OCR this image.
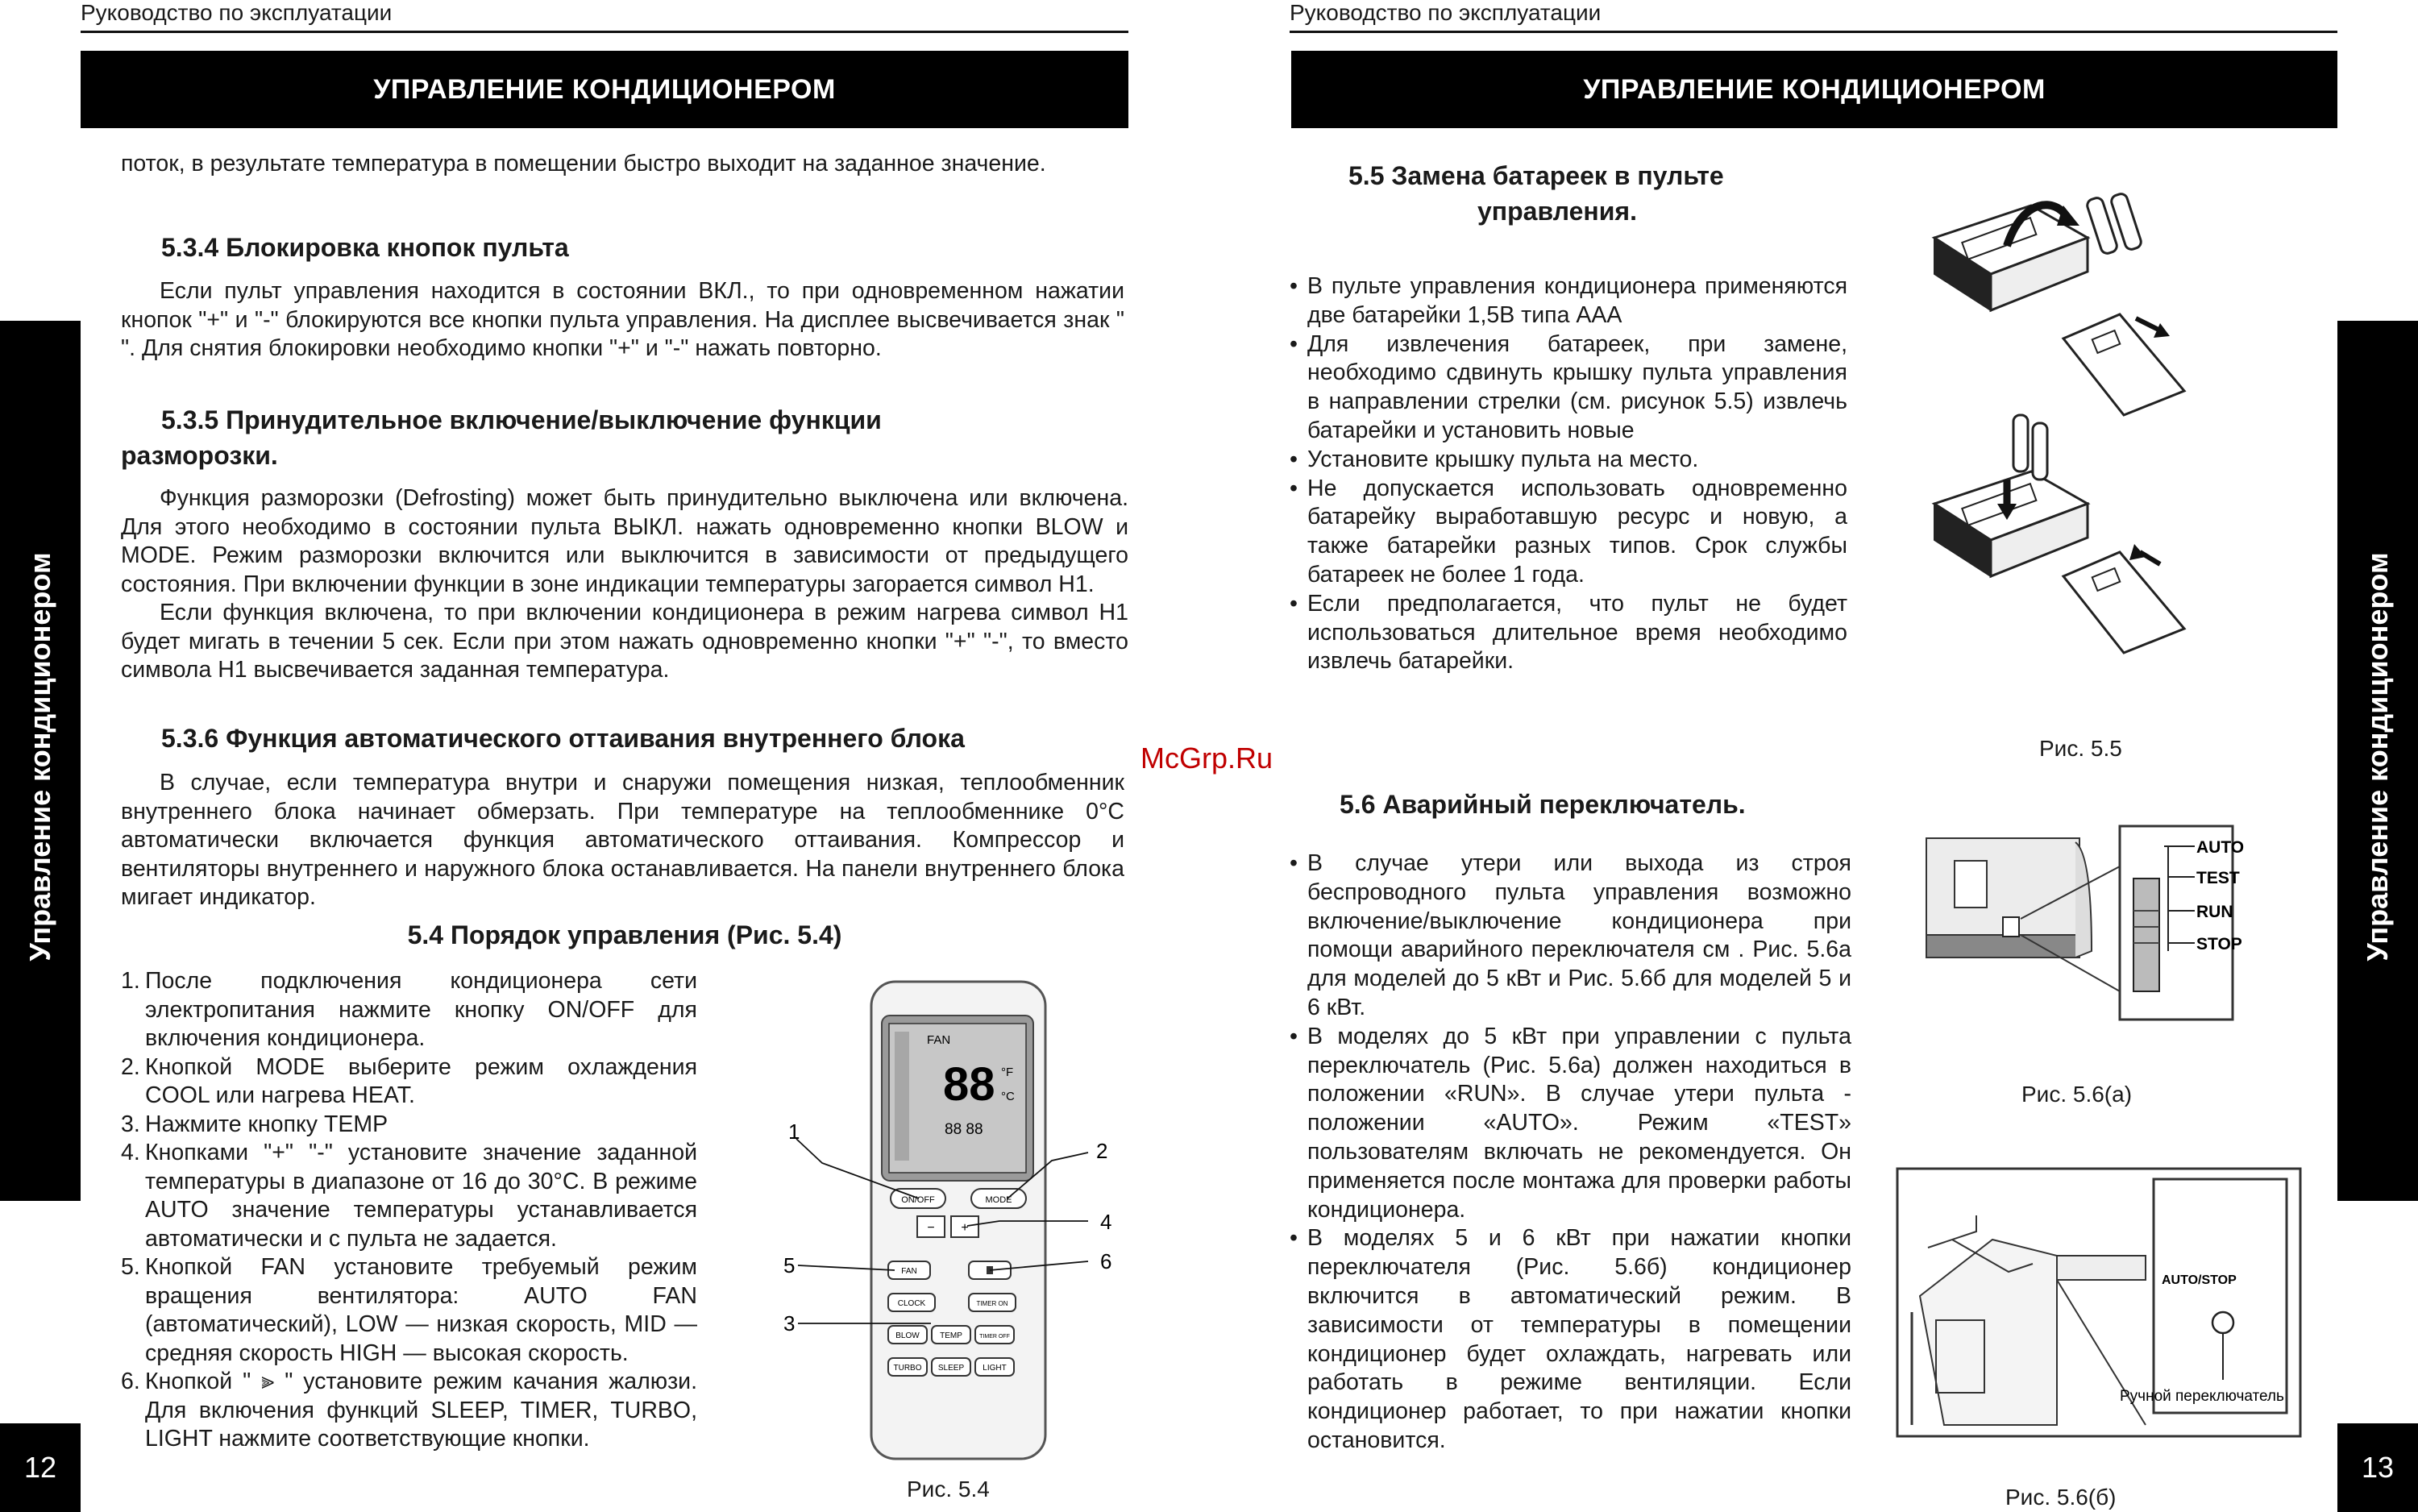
Руководство по эксплуатации
УПРАВЛЕНИЕ КОНДИЦИОНЕРОМ
Управление кондиционером
12

поток, в результате температура в помещении быстро выходит на заданное значение.

5.3.4 Блокировка кнопок пульта

Если пульт управления находится в состоянии ВКЛ., то при одновременном нажатии кнопок "+" и "-" блокируются все кнопки пульта управления. На дисплее высвечивается знак " ". Для снятия блокировки необходимо кнопки "+" и "-" нажать повторно.

5.3.5 Принудительное включение/выключение функции
разморозки.

Функция разморозки (Defrosting) может быть принудительно выключена или включена. Для этого необходимо в состоянии пульта ВЫКЛ. нажать одновременно кнопки BLOW и MODE. Режим разморозки включится или выключится в зависимости от предыдущего состояния. При включении функции в зоне индикации температуры загорается символ H1.

Если функция включена, то при включении кондиционера в режим нагрева символ H1 будет мигать в течении 5 сек. Если при этом нажать одновременно кнопки "+" "-", то вместо символа H1 высвечивается заданная температура.

5.3.6 Функция автоматического оттаивания внутреннего блока

В случае, если температура внутри и снаружи помещения низкая, теплообменник внутреннего блока начинает обмерзать. При температуре на теплообменнике 0°С автоматически включается функция автоматического оттаивания. Компрессор и вентиляторы внутреннего и наружного блока останавливается. На панели внутреннего блока мигает индикатор.

5.4 Порядок управления (Рис. 5.4)
1. После подключения кондиционера сети электропитания нажмите кнопку ON/OFF для включения кондиционера.
2. Кнопкой MODE выберите режим охлаждения COOL или нагрева HEAT.
3. Нажмите кнопку TEMP
4. Кнопками "+" "-" установите значение заданной температуры в диапазоне от 16 до 30°С. В режиме AUTO значение температуры устанавливается автоматически и с пульта не задается.
5. Кнопкой FAN установите требуемый режим вращения вентилятора: AUTO FAN (автоматический), LOW — низкая скорость, MID — средняя скорость HIGH — высокая скорость.
6. Кнопкой " ⫸ " установите режим качания жалюзи. Для включения функций SLEEP, TIMER, TURBO, LIGHT нажмите соответствующие кнопки.
FAN
88 °F
°C
88 88
ON/OFF	MODE
− +
FAN
CLOCK	TIMER ON
BLOW	TEMP	TIMER OFF
TURBO SLEEP LIGHT
1
2
3
4
5	6
Рис. 5.4
McGrp.Ru
Руководство по эксплуатации
УПРАВЛЕНИЕ КОНДИЦИОНЕРОМ
Управление кондиционером
13
5.5 Замена батареек в пульте
управления.
• В пульте управления кондиционера применяются две батарейки 1,5В типа ААА
• Для извлечения батареек, при замене, необходимо сдвинуть крышку пульта управления в направлении стрелки (см. рисунок 5.5) извлечь батарейки и установить новые
• Установите крышку пульта на место.
• Не допускается использовать одновременно батарейку выработавшую ресурс и новую, а также батарейки разных типов. Срок службы батареек не более 1 года.
• Если предполагается, что пульт не будет использоваться длительное время необходимо извлечь батарейки.
Рис. 5.5
5.6 Аварийный переключатель.
• В случае утери или выхода из строя беспроводного пульта управления возможно включение/выключение кондиционера при помощи аварийного переключателя см . Рис. 5.6а для моделей до 5 кВт и Рис. 5.6б для моделей 5 и 6 кВт.
• В моделях до 5 кВт при управлении с пульта переключатель (Рис. 5.6а) должен находиться в положении «RUN». В случае утери пульта - положении «AUTO». Режим «TEST» пользователям включать не рекомендуется. Он применяется после монтажа для проверки работы кондиционера.
• В моделях 5 и 6 кВт при нажатии кнопки переключателя (Рис. 5.6б) кондиционер включится в автоматический режим. В зависимости от температуры в помещении кондиционер будет охлаждать, нагревать или работать в режиме вентиляции. Если кондиционер работает, то при нажатии кнопки остановится.
AUTO
TEST
RUN
STOP
Рис. 5.6(а)
AUTO/STOP
Ручной переключатель
Рис. 5.6(б)
